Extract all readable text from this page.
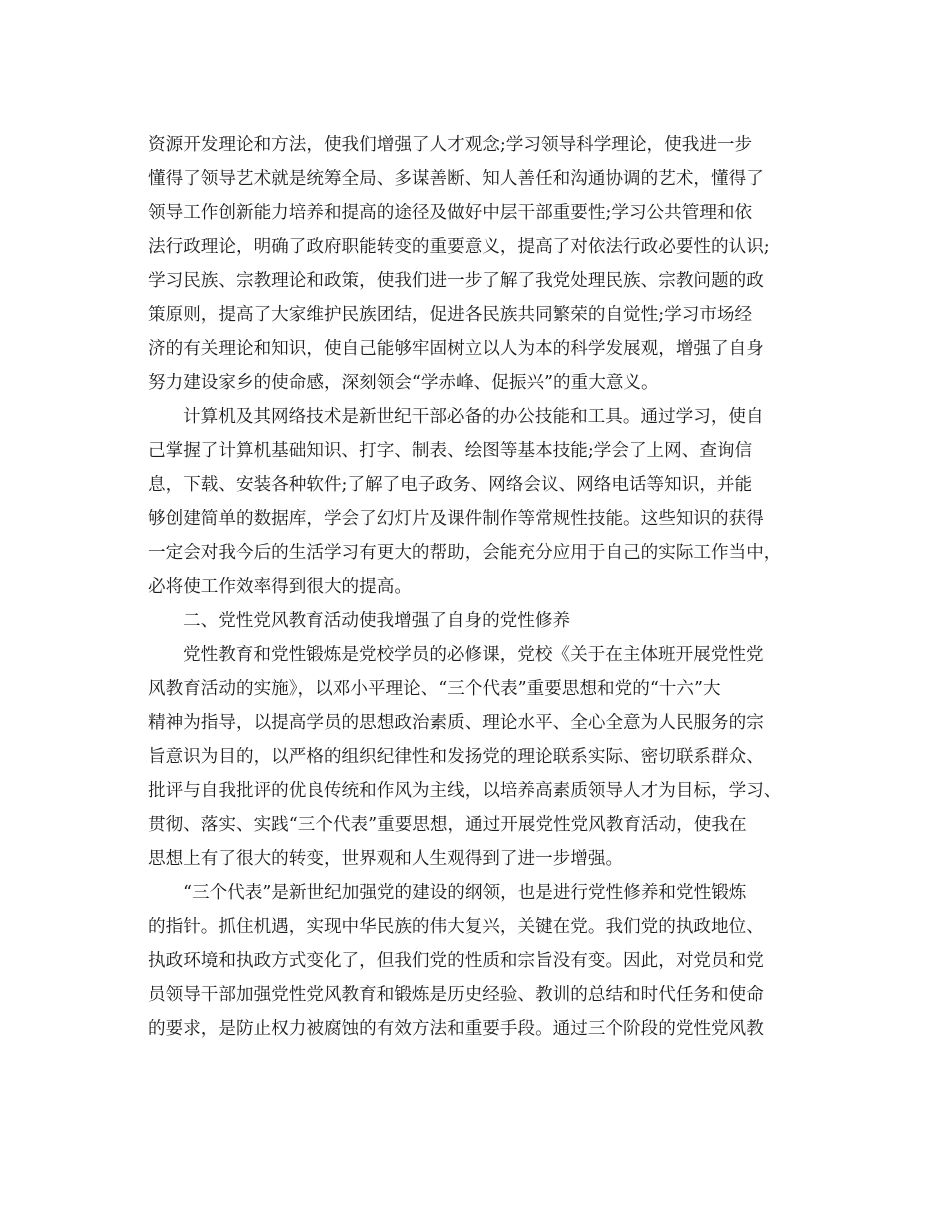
资源开发理论和方法，使我们增强了人才观念;学习领导科学理论，使我进一步
懂得了领导艺术就是统筹全局、多谋善断、知人善任和沟通协调的艺术，懂得了
领导工作创新能力培养和提高的途径及做好中层干部重要性;学习公共管理和依
法行政理论，明确了政府职能转变的重要意义，提高了对依法行政必要性的认识;
学习民族、宗教理论和政策，使我们进一步了解了我党处理民族、宗教问题的政
策原则，提高了大家维护民族团结，促进各民族共同繁荣的自觉性;学习市场经
济的有关理论和知识，使自己能够牢固树立以人为本的科学发展观，增强了自身
努力建设家乡的使命感，深刻领会“学赤峰、促振兴”的重大意义。
计算机及其网络技术是新世纪干部必备的办公技能和工具。通过学习，使自
己掌握了计算机基础知识、打字、制表、绘图等基本技能;学会了上网、查询信
息，下载、安装各种软件;了解了电子政务、网络会议、网络电话等知识，并能
够创建简单的数据库，学会了幻灯片及课件制作等常规性技能。这些知识的获得
一定会对我今后的生活学习有更大的帮助，会能充分应用于自己的实际工作当中，
必将使工作效率得到很大的提高。
二、党性党风教育活动使我增强了自身的党性修养
党性教育和党性锻炼是党校学员的必修课，党校《关于在主体班开展党性党
风教育活动的实施》，以邓小平理论、“三个代表”重要思想和党的“十六”大
精神为指导，以提高学员的思想政治素质、理论水平、全心全意为人民服务的宗
旨意识为目的，以严格的组织纪律性和发扬党的理论联系实际、密切联系群众、
批评与自我批评的优良传统和作风为主线，以培养高素质领导人才为目标，学习、
贯彻、落实、实践“三个代表”重要思想，通过开展党性党风教育活动，使我在
思想上有了很大的转变，世界观和人生观得到了进一步增强。
“三个代表”是新世纪加强党的建设的纲领，也是进行党性修养和党性锻炼
的指针。抓住机遇，实现中华民族的伟大复兴，关键在党。我们党的执政地位、
执政环境和执政方式变化了，但我们党的性质和宗旨没有变。因此，对党员和党
员领导干部加强党性党风教育和锻炼是历史经验、教训的总结和时代任务和使命
的要求，是防止权力被腐蚀的有效方法和重要手段。通过三个阶段的党性党风教
